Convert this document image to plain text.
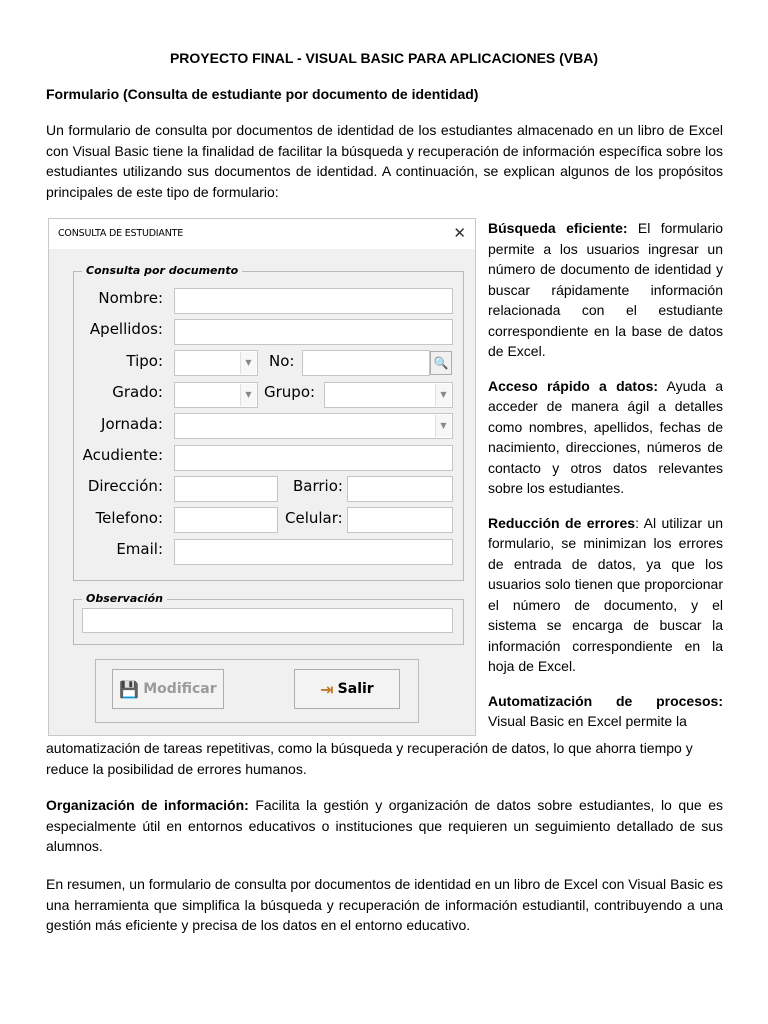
PROYECTO FINAL - VISUAL BASIC PARA APLICACIONES (VBA)
Formulario (Consulta de estudiante por documento de identidad)

Un formulario de consulta por documentos de identidad de los estudiantes almacenado en un libro de Excel con Visual Basic tiene la finalidad de facilitar la búsqueda y recuperación de información específica sobre los estudiantes utilizando sus documentos de identidad. A continuación, se explican algunos de los propósitos principales de este tipo de formulario:

CONSULTA DE ESTUDIANTE	✕
Consulta por documento
Nombre:
Apellidos:
Tipo:	▼ No:	🔍
Grado:	▼ Grupo:	▼
Jornada:	▼
Acudiente:
Dirección:	Barrio:
Telefono:	Celular:
Email:
Observación
💾 Modificar	⇥ Salir

Búsqueda eficiente: El formulario permite a los usuarios ingresar un número de documento de identidad y buscar rápidamente información relacionada con el estudiante correspondiente en la base de datos de Excel.

Acceso rápido a datos: Ayuda a acceder de manera ágil a detalles como nombres, apellidos, fechas de nacimiento, direcciones, números de contacto y otros datos relevantes sobre los estudiantes.

Reducción de errores: Al utilizar un formulario, se minimizan los errores de entrada de datos, ya que los usuarios solo tienen que proporcionar el número de documento, y el sistema se encarga de buscar la información correspondiente en la hoja de Excel.

Automatización de procesos: Visual Basic en Excel permite la

automatización de tareas repetitivas, como la búsqueda y recuperación de datos, lo que ahorra tiempo y reduce la posibilidad de errores humanos.

Organización de información: Facilita la gestión y organización de datos sobre estudiantes, lo que es especialmente útil en entornos educativos o instituciones que requieren un seguimiento detallado de sus alumnos.

En resumen, un formulario de consulta por documentos de identidad en un libro de Excel con Visual Basic es una herramienta que simplifica la búsqueda y recuperación de información estudiantil, contribuyendo a una gestión más eficiente y precisa de los datos en el entorno educativo.
